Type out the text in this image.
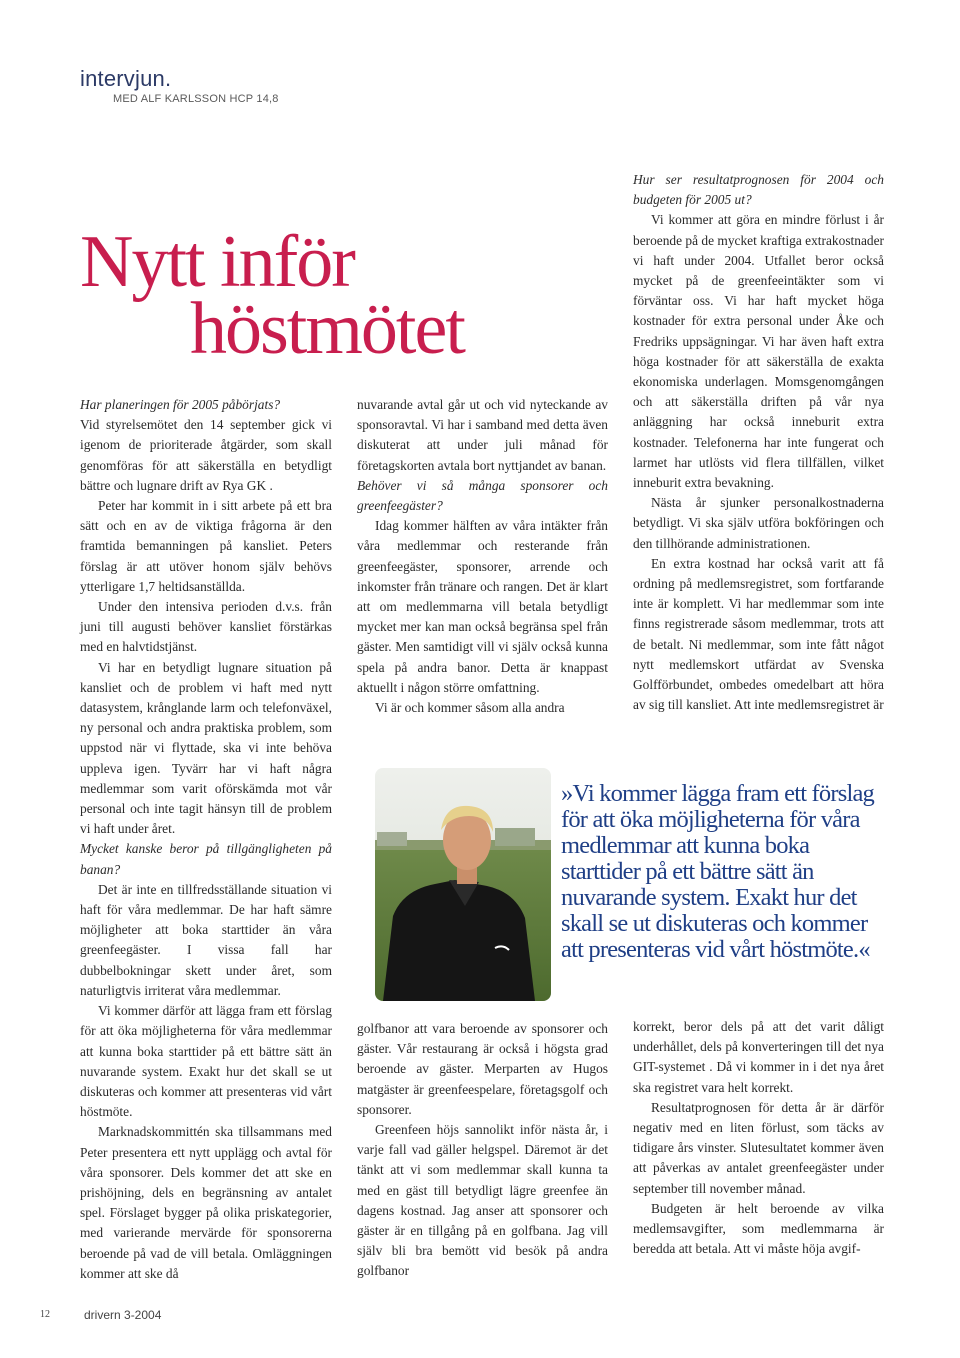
intervjun.
MED ALF KARLSSON HCP 14,8
Nytt inför
höstmötet

Har planeringen för 2005 påbörjats?

Vid styrelsemötet den 14 september gick vi igenom de prioriterade åtgärder, som skall genomföras för att säkerställa en betydligt bättre och lugnare drift av Rya GK .

Peter har kommit in i sitt arbete på ett bra sätt och en av de viktiga frågorna är den framtida bemanningen på kansliet. Peters förslag är att utöver honom själv behövs ytterligare 1,7 heltidsanställda.

Under den intensiva perioden d.v.s. från juni till augusti behöver kansliet förstärkas med en halvtidstjänst.

Vi har en betydligt lugnare situation på kansliet och de problem vi haft med nytt datasystem, krånglande larm och telefonväxel, ny personal och andra praktiska problem, som uppstod när vi flyttade, ska vi inte behöva uppleva igen. Tyvärr har vi haft några medlemmar som varit oförskämda mot vår personal och inte tagit hänsyn till de problem vi haft under året.

Mycket kanske beror på tillgängligheten på banan?

Det är inte en tillfredsställande situation vi haft för våra medlemmar. De har haft sämre möjligheter att boka starttider än våra greenfeegäster. I vissa fall har dubbelbokningar skett under året, som naturligtvis irriterat våra medlemmar.

Vi kommer därför att lägga fram ett förslag för att öka möjligheterna för våra medlemmar att kunna boka starttider på ett bättre sätt än nuvarande system. Exakt hur det skall se ut diskuteras och kommer att presenteras vid vårt höstmöte.

Marknadskommittén ska tillsammans med Peter presentera ett nytt upplägg och avtal för våra sponsorer. Dels kommer det att ske en prishöjning, dels en begränsning av antalet spel. Förslaget bygger på olika priskategorier, med varierande mervärde för sponsorerna beroende på vad de vill betala. Omläggningen kommer att ske då

nuvarande avtal går ut och vid nyteckande av sponsoravtal. Vi har i samband med detta även diskuterat att under juli månad för företagskorten avtala bort nyttjandet av banan.

Behöver vi så många sponsorer och greenfeegäster?

Idag kommer hälften av våra intäkter från våra medlemmar och resterande från greenfeegäster, sponsorer, arrende och inkomster från tränare och rangen. Det är klart att om medlemmarna vill betala betydligt mycket mer kan man också begränsa spel från gäster. Men samtidigt vill vi själv också kunna spela på andra banor. Detta är knappast aktuellt i någon större omfattning.

Vi är och kommer såsom alla andra

Hur ser resultatprognosen för 2004 och budgeten för 2005 ut?

Vi kommer att göra en mindre förlust i år beroende på de mycket kraftiga extrakostnader vi haft under 2004. Utfallet beror också mycket på de greenfeeintäkter som vi förväntar oss. Vi har haft mycket höga kostnader för extra personal under Åke och Fredriks uppsägningar. Vi har även haft extra höga kostnader för att säkerställa de exakta ekonomiska underlagen. Momsgenomgången och att säkerställa driften på vår nya anläggning har också inneburit extra kostnader. Telefonerna har inte fungerat och larmet har utlösts vid flera tillfällen, vilket inneburit extra bevakning.

Nästa år sjunker personalkostnaderna betydligt. Vi ska själv utföra bokföringen och den tillhörande administrationen.

En extra kostnad har också varit att få ordning på medlemsregistret, som fortfarande inte är komplett. Vi har medlemmar som inte finns registrerade såsom medlemmar, trots att de betalt. Ni medlemmar, som inte fått något nytt medlemskort utfärdat av Svenska Golfförbundet, ombedes omedelbart att höra av sig till kansliet. Att inte medlemsregistret är

golfbanor att vara beroende av sponsorer och gäster. Vår restaurang är också i högsta grad beroende av gäster. Merparten av Hugos matgäster är greenfeespelare, företagsgolf och sponsorer.

Greenfeen höjs sannolikt inför nästa år, i varje fall vad gäller helgspel. Däremot är det tänkt att vi som medlemmar skall kunna ta med en gäst till betydligt lägre greenfee än dagens kostnad. Jag anser att sponsorer och gäster är en tillgång på en golfbana. Jag vill själv bli bra bemött vid besök på andra golfbanor

korrekt, beror dels på att det varit dåligt underhållet, dels på konverteringen till det nya GIT-systemet . Då vi kommer in i det nya året ska registret vara helt korrekt.

Resultatprognosen för detta år är därför negativ med en liten förlust, som täcks av tidigare års vinster. Slutesultatet kommer även att påverkas av antalet greenfeegäster under september till november månad.

Budgeten är helt beroende av vilka medlemsavgifter, som medlemmarna är beredda att betala. Att vi måste höja avgif-

»Vi kommer lägga fram ett förslag för att öka möjligheterna för våra medlemmar att kunna boka starttider på ett bättre sätt än nuvarande system. Exakt hur det skall se ut diskuteras och kommer att presenteras vid vårt höstmöte.«
12	drivern 3-2004
